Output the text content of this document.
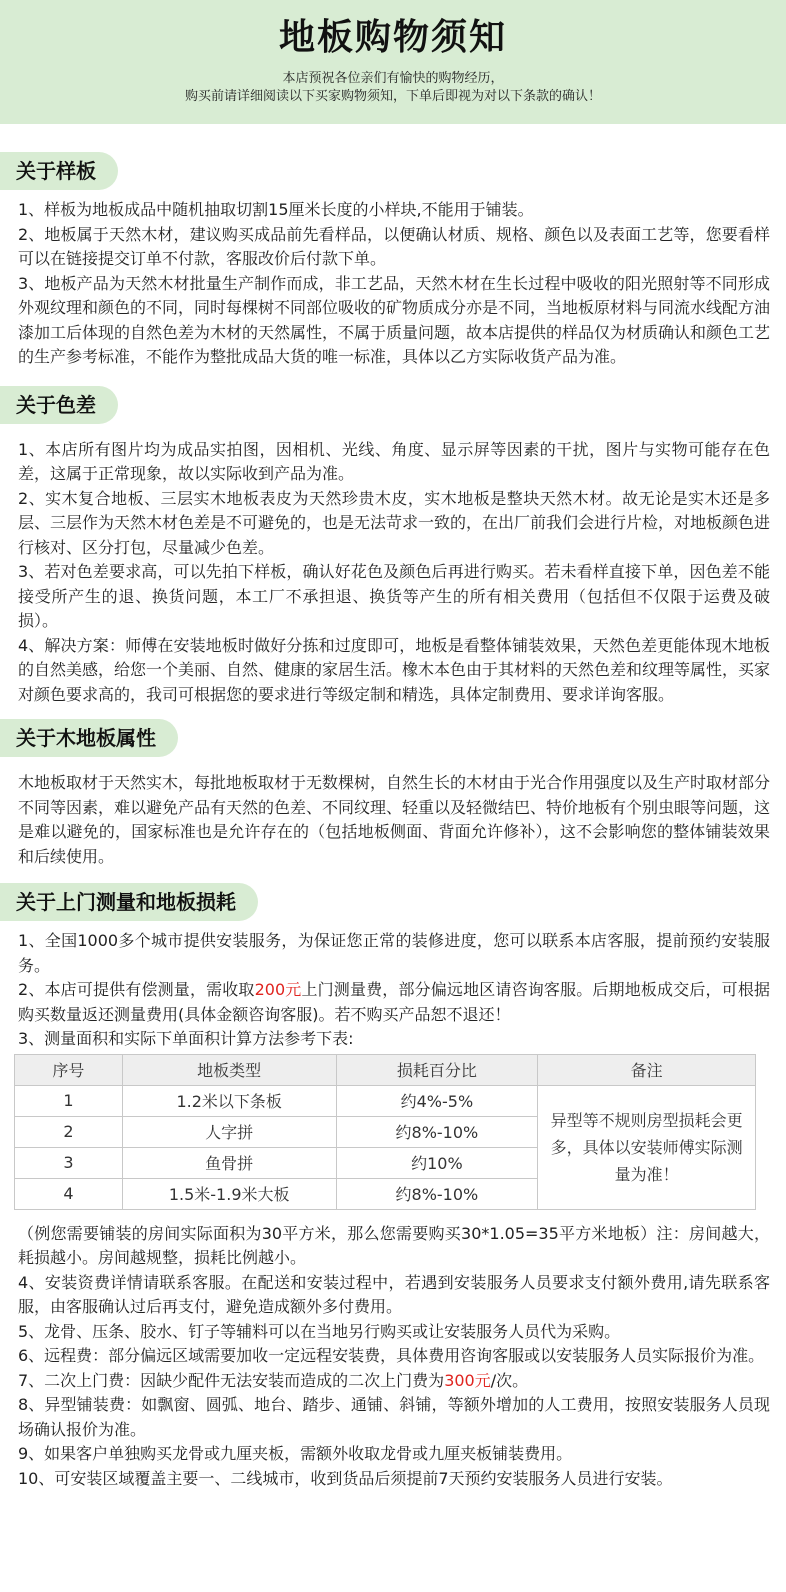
地板购物须知
本店预祝各位亲们有愉快的购物经历，
购买前请详细阅读以下买家购物须知，下单后即视为对以下条款的确认！
关于样板

1、样板为地板成品中随机抽取切割15厘米长度的小样块,不能用于铺装。

2、地板属于天然木材，建议购买成品前先看样品，以便确认材质、规格、颜色以及表面工艺等，您要看样可以在链接提交订单不付款，客服改价后付款下单。

3、地板产品为天然木材批量生产制作而成，非工艺品，天然木材在生长过程中吸收的阳光照射等不同形成外观纹理和颜色的不同，同时每棵树不同部位吸收的矿物质成分亦是不同，当地板原材料与同流水线配方油漆加工后体现的自然色差为木材的天然属性，不属于质量问题，故本店提供的样品仅为材质确认和颜色工艺的生产参考标准，不能作为整批成品大货的唯一标准，具体以乙方实际收货产品为准。

关于色差

1、本店所有图片均为成品实拍图，因相机、光线、角度、显示屏等因素的干扰，图片与实物可能存在色差，这属于正常现象，故以实际收到产品为准。

2、实木复合地板、三层实木地板表皮为天然珍贵木皮，实木地板是整块天然木材。故无论是实木还是多层、三层作为天然木材色差是不可避免的，也是无法苛求一致的，在出厂前我们会进行片检，对地板颜色进行核对、区分打包，尽量减少色差。

3、若对色差要求高，可以先拍下样板，确认好花色及颜色后再进行购买。若未看样直接下单，因色差不能接受所产生的退、换货问题，本工厂不承担退、换货等产生的所有相关费用（包括但不仅限于运费及破损）。

4、解决方案：师傅在安装地板时做好分拣和过度即可，地板是看整体铺装效果，天然色差更能体现木地板的自然美感，给您一个美丽、自然、健康的家居生活。橡木本色由于其材料的天然色差和纹理等属性，买家对颜色要求高的，我司可根据您的要求进行等级定制和精选，具体定制费用、要求详询客服。

关于木地板属性

木地板取材于天然实木，每批地板取材于无数棵树，自然生长的木材由于光合作用强度以及生产时取材部分不同等因素，难以避免产品有天然的色差、不同纹理、轻重以及轻微结巴、特价地板有个别虫眼等问题，这是难以避免的，国家标准也是允许存在的（包括地板侧面、背面允许修补），这不会影响您的整体铺装效果和后续使用。

关于上门测量和地板损耗

1、全国1000多个城市提供安装服务，为保证您正常的装修进度，您可以联系本店客服，提前预约安装服务。

2、本店可提供有偿测量，需收取200元上门测量费，部分偏远地区请咨询客服。后期地板成交后，可根据购买数量返还测量费用(具体金额咨询客服)。若不购买产品恕不退还！

3、测量面积和实际下单面积计算方法参考下表:

序号	地板类型	损耗百分比	备注
1	1.2米以下条板	约4%-5%	异型等不规则房型损耗会更多，具体以安装师傅实际测量为准！
2	人字拼	约8%-10%	
3	鱼骨拼	约10%	
4	1.5米-1.9米大板	约8%-10%	

（例您需要铺装的房间实际面积为30平方米，那么您需要购买30*1.05=35平方米地板）注：房间越大，耗损越小。房间越规整，损耗比例越小。

4、安装资费详情请联系客服。在配送和安装过程中，若遇到安装服务人员要求支付额外费用,请先联系客服，由客服确认过后再支付，避免造成额外多付费用。

5、龙骨、压条、胶水、钉子等辅料可以在当地另行购买或让安装服务人员代为采购。

6、远程费：部分偏远区域需要加收一定远程安装费，具体费用咨询客服或以安装服务人员实际报价为准。

7、二次上门费：因缺少配件无法安装而造成的二次上门费为300元/次。

8、异型铺装费：如飘窗、圆弧、地台、踏步、通铺、斜铺，等额外增加的人工费用，按照安装服务人员现场确认报价为准。

9、如果客户单独购买龙骨或九厘夹板，需额外收取龙骨或九厘夹板铺装费用。

10、可安装区域覆盖主要一、二线城市，收到货品后须提前7天预约安装服务人员进行安装。
